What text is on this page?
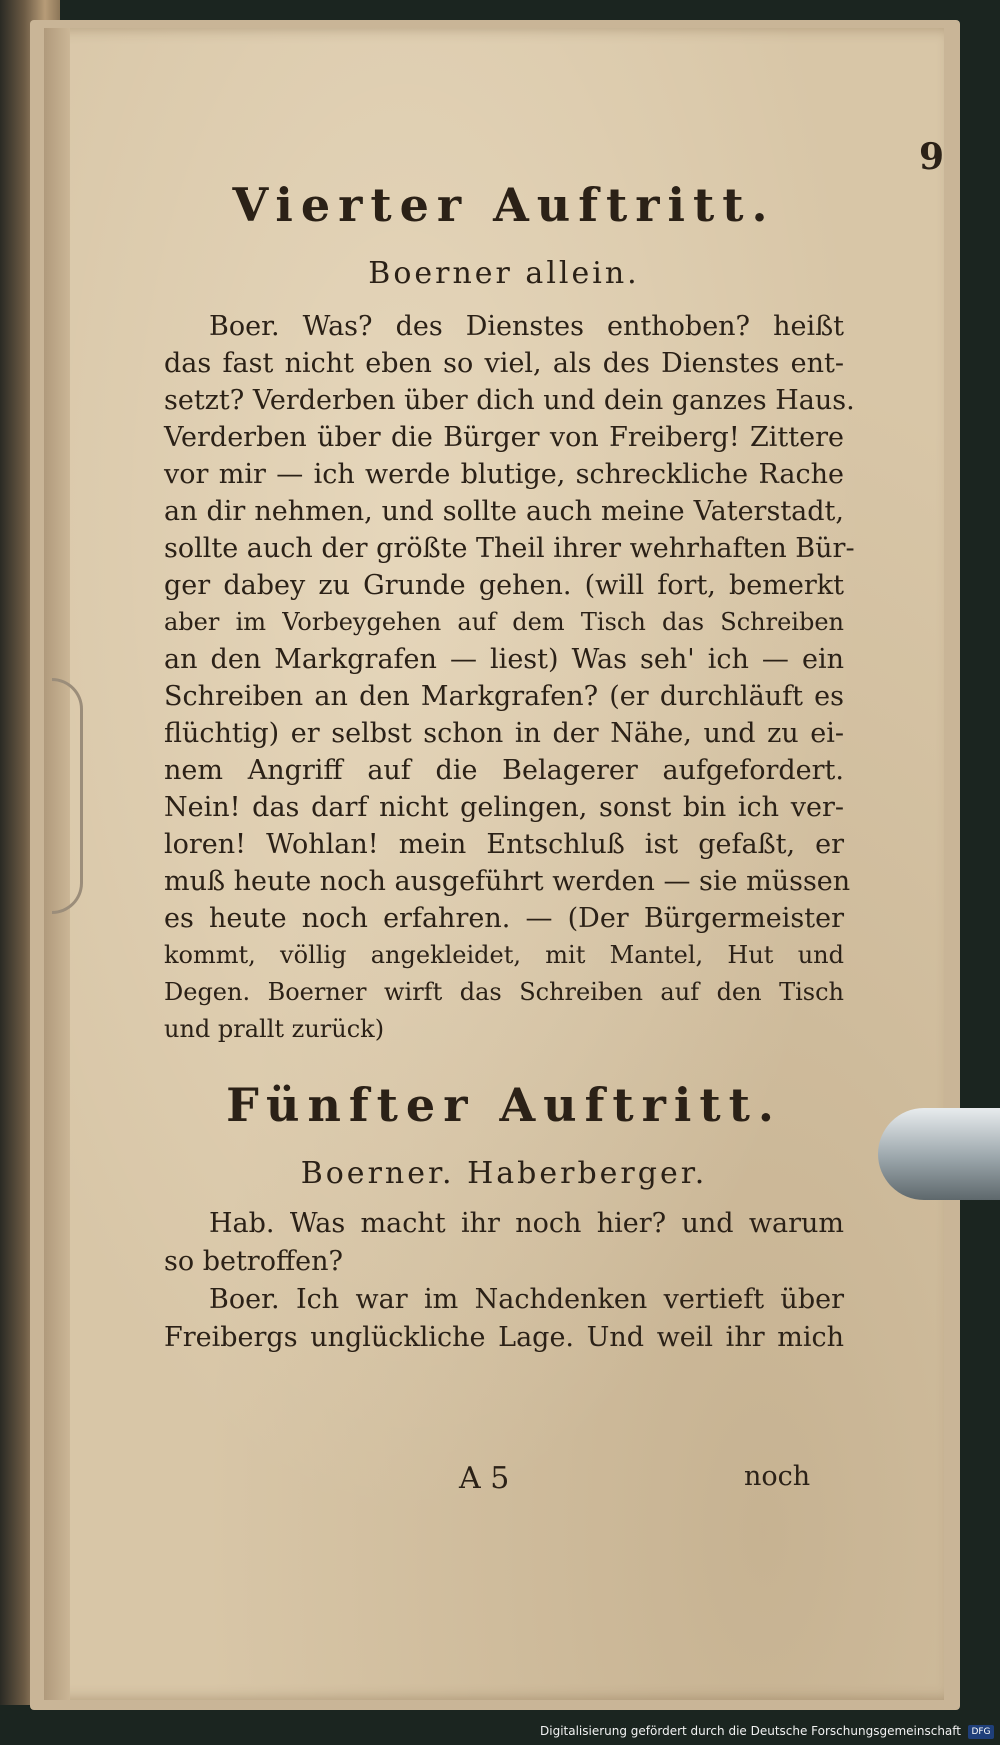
9
Vierter Auftritt.
Boerner allein.
Boer. Was? des Dienstes enthoben? heißt
das fast nicht eben so viel, als des Dienstes ent-
setzt? Verderben über dich und dein ganzes Haus.
Verderben über die Bürger von Freiberg! Zittere
vor mir — ich werde blutige, schreckliche Rache
an dir nehmen, und sollte auch meine Vaterstadt,
sollte auch der größte Theil ihrer wehrhaften Bür-
ger dabey zu Grunde gehen. (will fort, bemerkt
aber im Vorbeygehen auf dem Tisch das Schreiben
an den Markgrafen — liest) Was seh' ich — ein
Schreiben an den Markgrafen? (er durchläuft es
flüchtig) er selbst schon in der Nähe, und zu ei-
nem Angriff auf die Belagerer aufgefordert.
Nein! das darf nicht gelingen, sonst bin ich ver-
loren! Wohlan! mein Entschluß ist gefaßt, er
muß heute noch ausgeführt werden — sie müssen
es heute noch erfahren. — (Der Bürgermeister
kommt, völlig angekleidet, mit Mantel, Hut und
Degen. Boerner wirft das Schreiben auf den Tisch
und prallt zurück)
Fünfter Auftritt.
Boerner. Haberberger.
Hab. Was macht ihr noch hier? und warum
so betroffen?
Boer. Ich war im Nachdenken vertieft über
Freibergs unglückliche Lage. Und weil ihr mich
A 5	noch
Digitalisierung gefördert durch die Deutsche Forschungsgemeinschaft	DFG
